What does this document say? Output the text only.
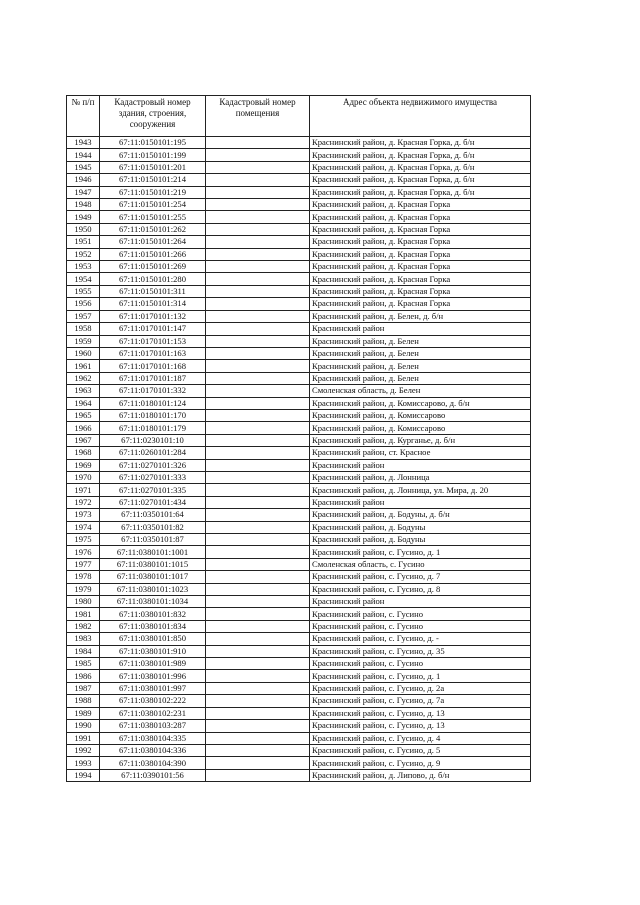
№ п/п	Кадастровый номер здания, строения, сооружения	Кадастровый номер помещения	Адрес объекта недвижимого имущества
1943	67:11:0150101:195		Краснинский район, д. Красная Горка, д. б/н
1944	67:11:0150101:199		Краснинский район, д. Красная Горка, д. б/н
1945	67:11:0150101:201		Краснинский район, д. Красная Горка, д. б/н
1946	67:11:0150101:214		Краснинский район, д. Красная Горка, д. б/н
1947	67:11:0150101:219		Краснинский район, д. Красная Горка, д. б/н
1948	67:11:0150101:254		Краснинский район, д. Красная Горка
1949	67:11:0150101:255		Краснинский район, д. Красная Горка
1950	67:11:0150101:262		Краснинский район, д. Красная Горка
1951	67:11:0150101:264		Краснинский район, д. Красная Горка
1952	67:11:0150101:266		Краснинский район, д. Красная Горка
1953	67:11:0150101:269		Краснинский район, д. Красная Горка
1954	67:11:0150101:280		Краснинский район, д. Красная Горка
1955	67:11:0150101:311		Краснинский район, д. Красная Горка
1956	67:11:0150101:314		Краснинский район, д. Красная Горка
1957	67:11:0170101:132		Краснинский район, д. Белен, д. б/н
1958	67:11:0170101:147		Краснинский район
1959	67:11:0170101:153		Краснинский район, д. Белен
1960	67:11:0170101:163		Краснинский район, д. Белен
1961	67:11:0170101:168		Краснинский район, д. Белен
1962	67:11:0170101:187		Краснинский район, д. Белен
1963	67:11:0170101:332		Смоленская область, д. Белен
1964	67:11:0180101:124		Краснинский район, д. Комиссарово, д. б/н
1965	67:11:0180101:170		Краснинский район, д. Комиссарово
1966	67:11:0180101:179		Краснинский район, д. Комиссарово
1967	67:11:0230101:10		Краснинский район, д. Курганье, д. б/н
1968	67:11:0260101:284		Краснинский район, ст. Красное
1969	67:11:0270101:326		Краснинский район
1970	67:11:0270101:333		Краснинский район, д. Лонница
1971	67:11:0270101:335		Краснинский район, д. Лонница, ул. Мира, д. 20
1972	67:11:0270101:434		Краснинский район
1973	67:11:0350101:64		Краснинский район, д. Бодуны, д. б/н
1974	67:11:0350101:82		Краснинский район, д. Бодуны
1975	67:11:0350101:87		Краснинский район, д. Бодуны
1976	67:11:0380101:1001		Краснинский район, с. Гусино, д. 1
1977	67:11:0380101:1015		Смоленская область, с. Гусино
1978	67:11:0380101:1017		Краснинский район, с. Гусино, д. 7
1979	67:11:0380101:1023		Краснинский район, с. Гусино, д. 8
1980	67:11:0380101:1034		Краснинский район
1981	67:11:0380101:832		Краснинский район, с. Гусино
1982	67:11:0380101:834		Краснинский район, с. Гусино
1983	67:11:0380101:850		Краснинский район, с. Гусино, д. -
1984	67:11:0380101:910		Краснинский район, с. Гусино, д. 35
1985	67:11:0380101:989		Краснинский район, с. Гусино
1986	67:11:0380101:996		Краснинский район, с. Гусино, д. 1
1987	67:11:0380101:997		Краснинский район, с. Гусино, д. 2а
1988	67:11:0380102:222		Краснинский район, с. Гусино, д. 7а
1989	67:11:0380102:231		Краснинский район, с. Гусино, д. 13
1990	67:11:0380103:287		Краснинский район, с. Гусино, д. 13
1991	67:11:0380104:335		Краснинский район, с. Гусино, д. 4
1992	67:11:0380104:336		Краснинский район, с. Гусино, д. 5
1993	67:11:0380104:390		Краснинский район, с. Гусино, д. 9
1994	67:11:0390101:56		Краснинский район, д. Липово, д. б/н
